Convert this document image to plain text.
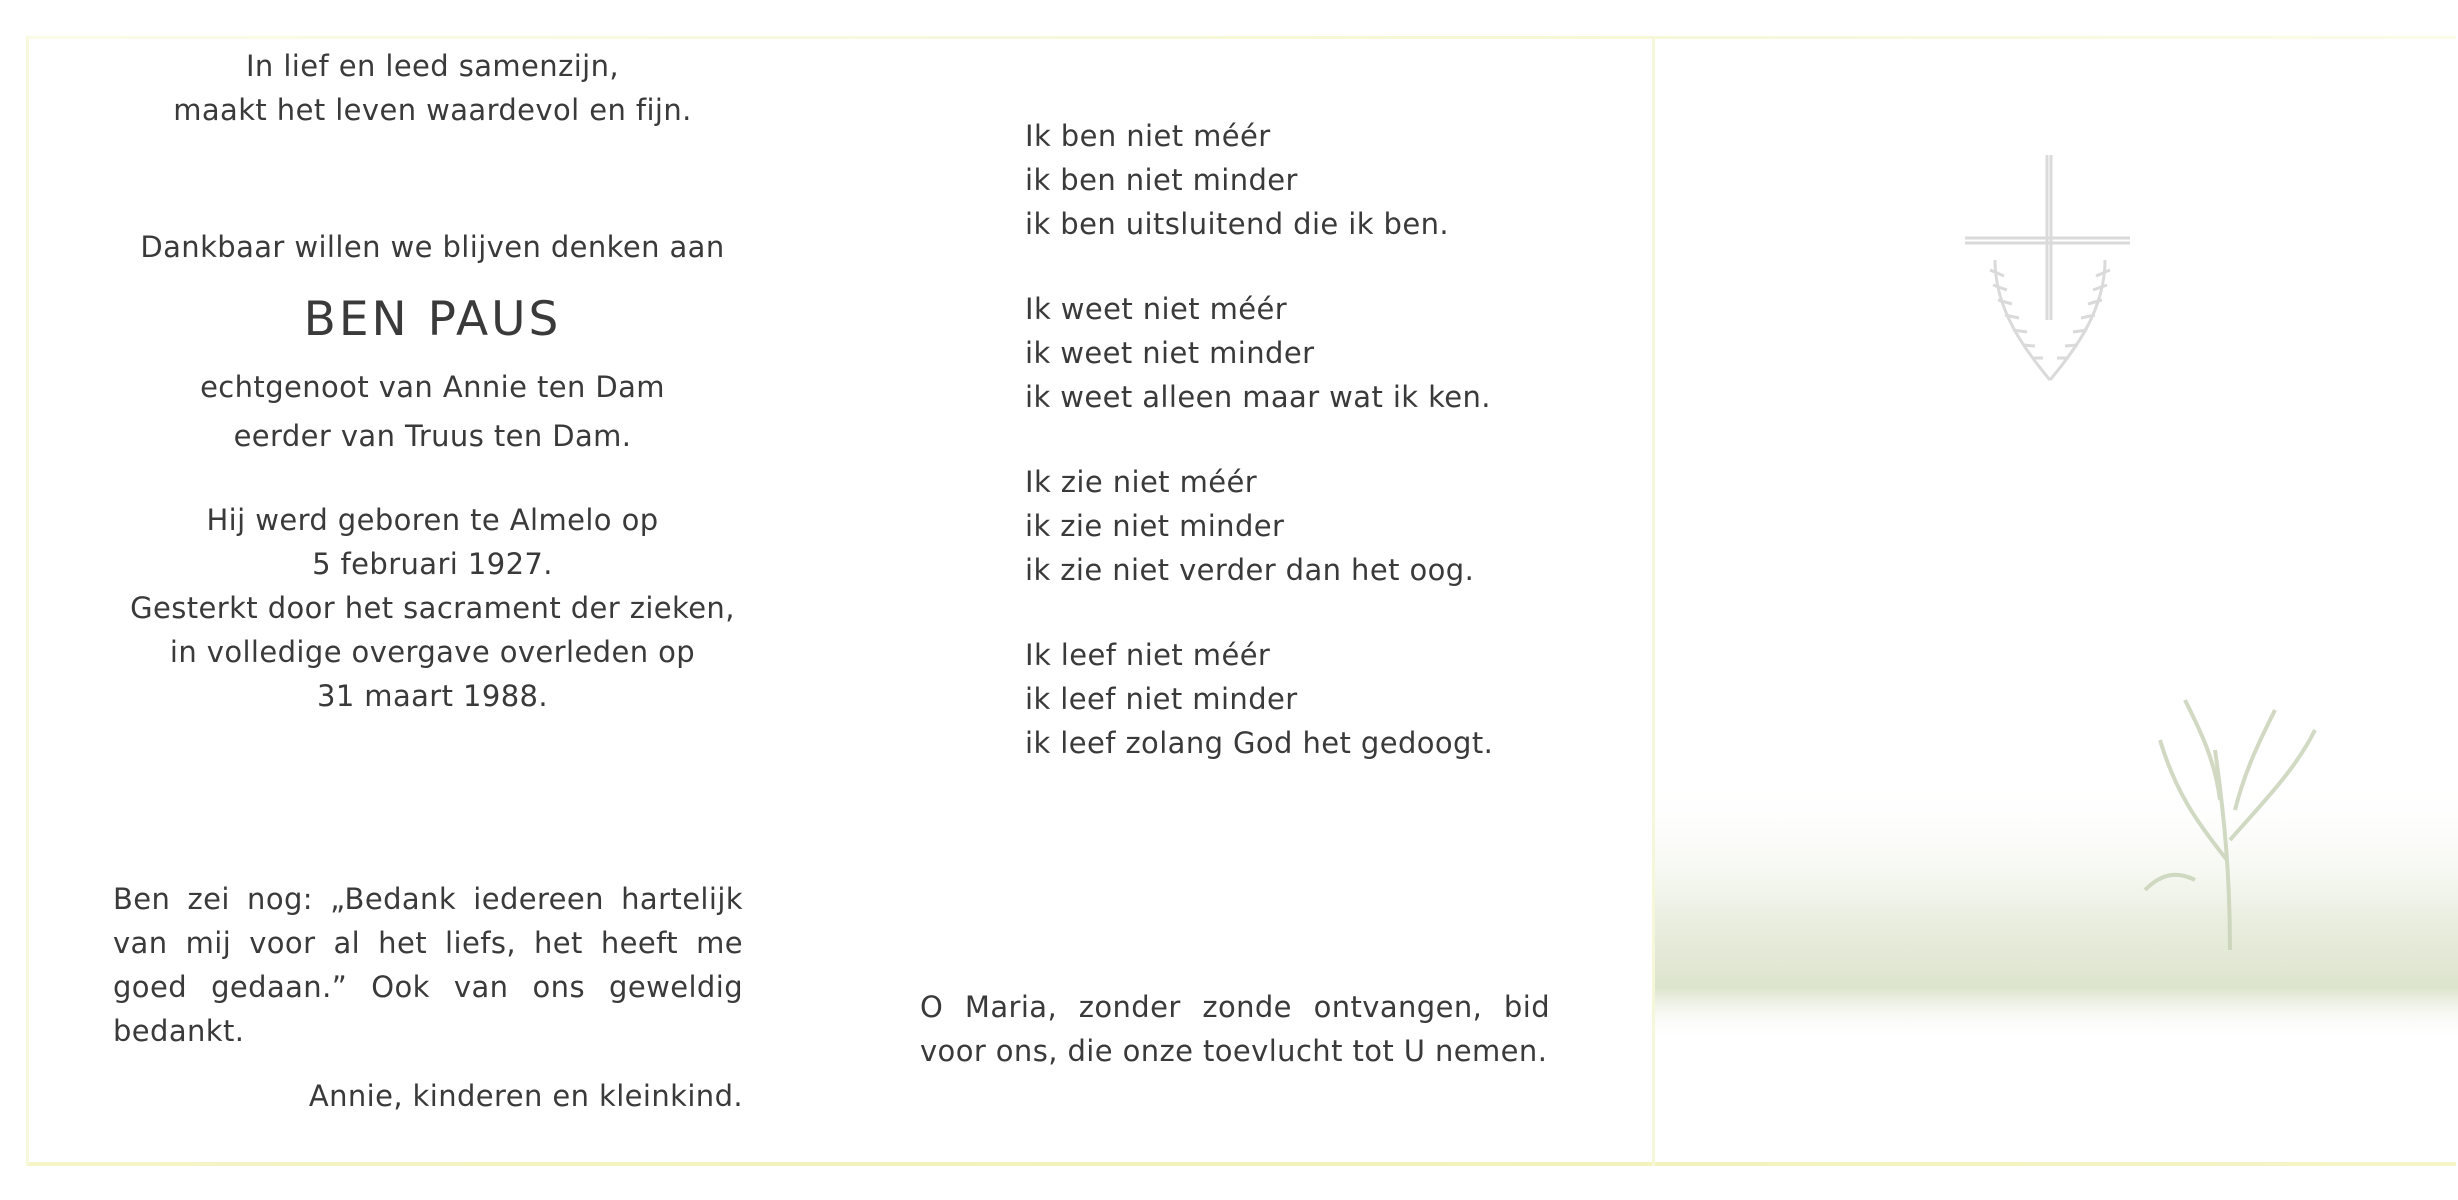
In lief en leed samenzijn,
maakt het leven waardevol en fijn.
Dankbaar willen we blijven denken aan
BEN PAUS
echtgenoot van Annie ten Dam
eerder van Truus ten Dam.
Hij werd geboren te Almelo op
5 februari 1927.
Gesterkt door het sacrament der zieken,
in volledige overgave overleden op
31 maart 1988.
Ben zei nog: „Bedank iedereen hartelijk van mij voor al het liefs, het heeft me goed gedaan.” Ook van ons geweldig bedankt.
Annie, kinderen en kleinkind.
Ik ben niet méér
ik ben niet minder
ik ben uitsluitend die ik ben.
Ik weet niet méér
ik weet niet minder
ik weet alleen maar wat ik ken.
Ik zie niet méér
ik zie niet minder
ik zie niet verder dan het oog.
Ik leef niet méér
ik leef niet minder
ik leef zolang God het gedoogt.
O Maria, zonder zonde ontvangen, bid voor ons, die onze toevlucht tot U nemen.
